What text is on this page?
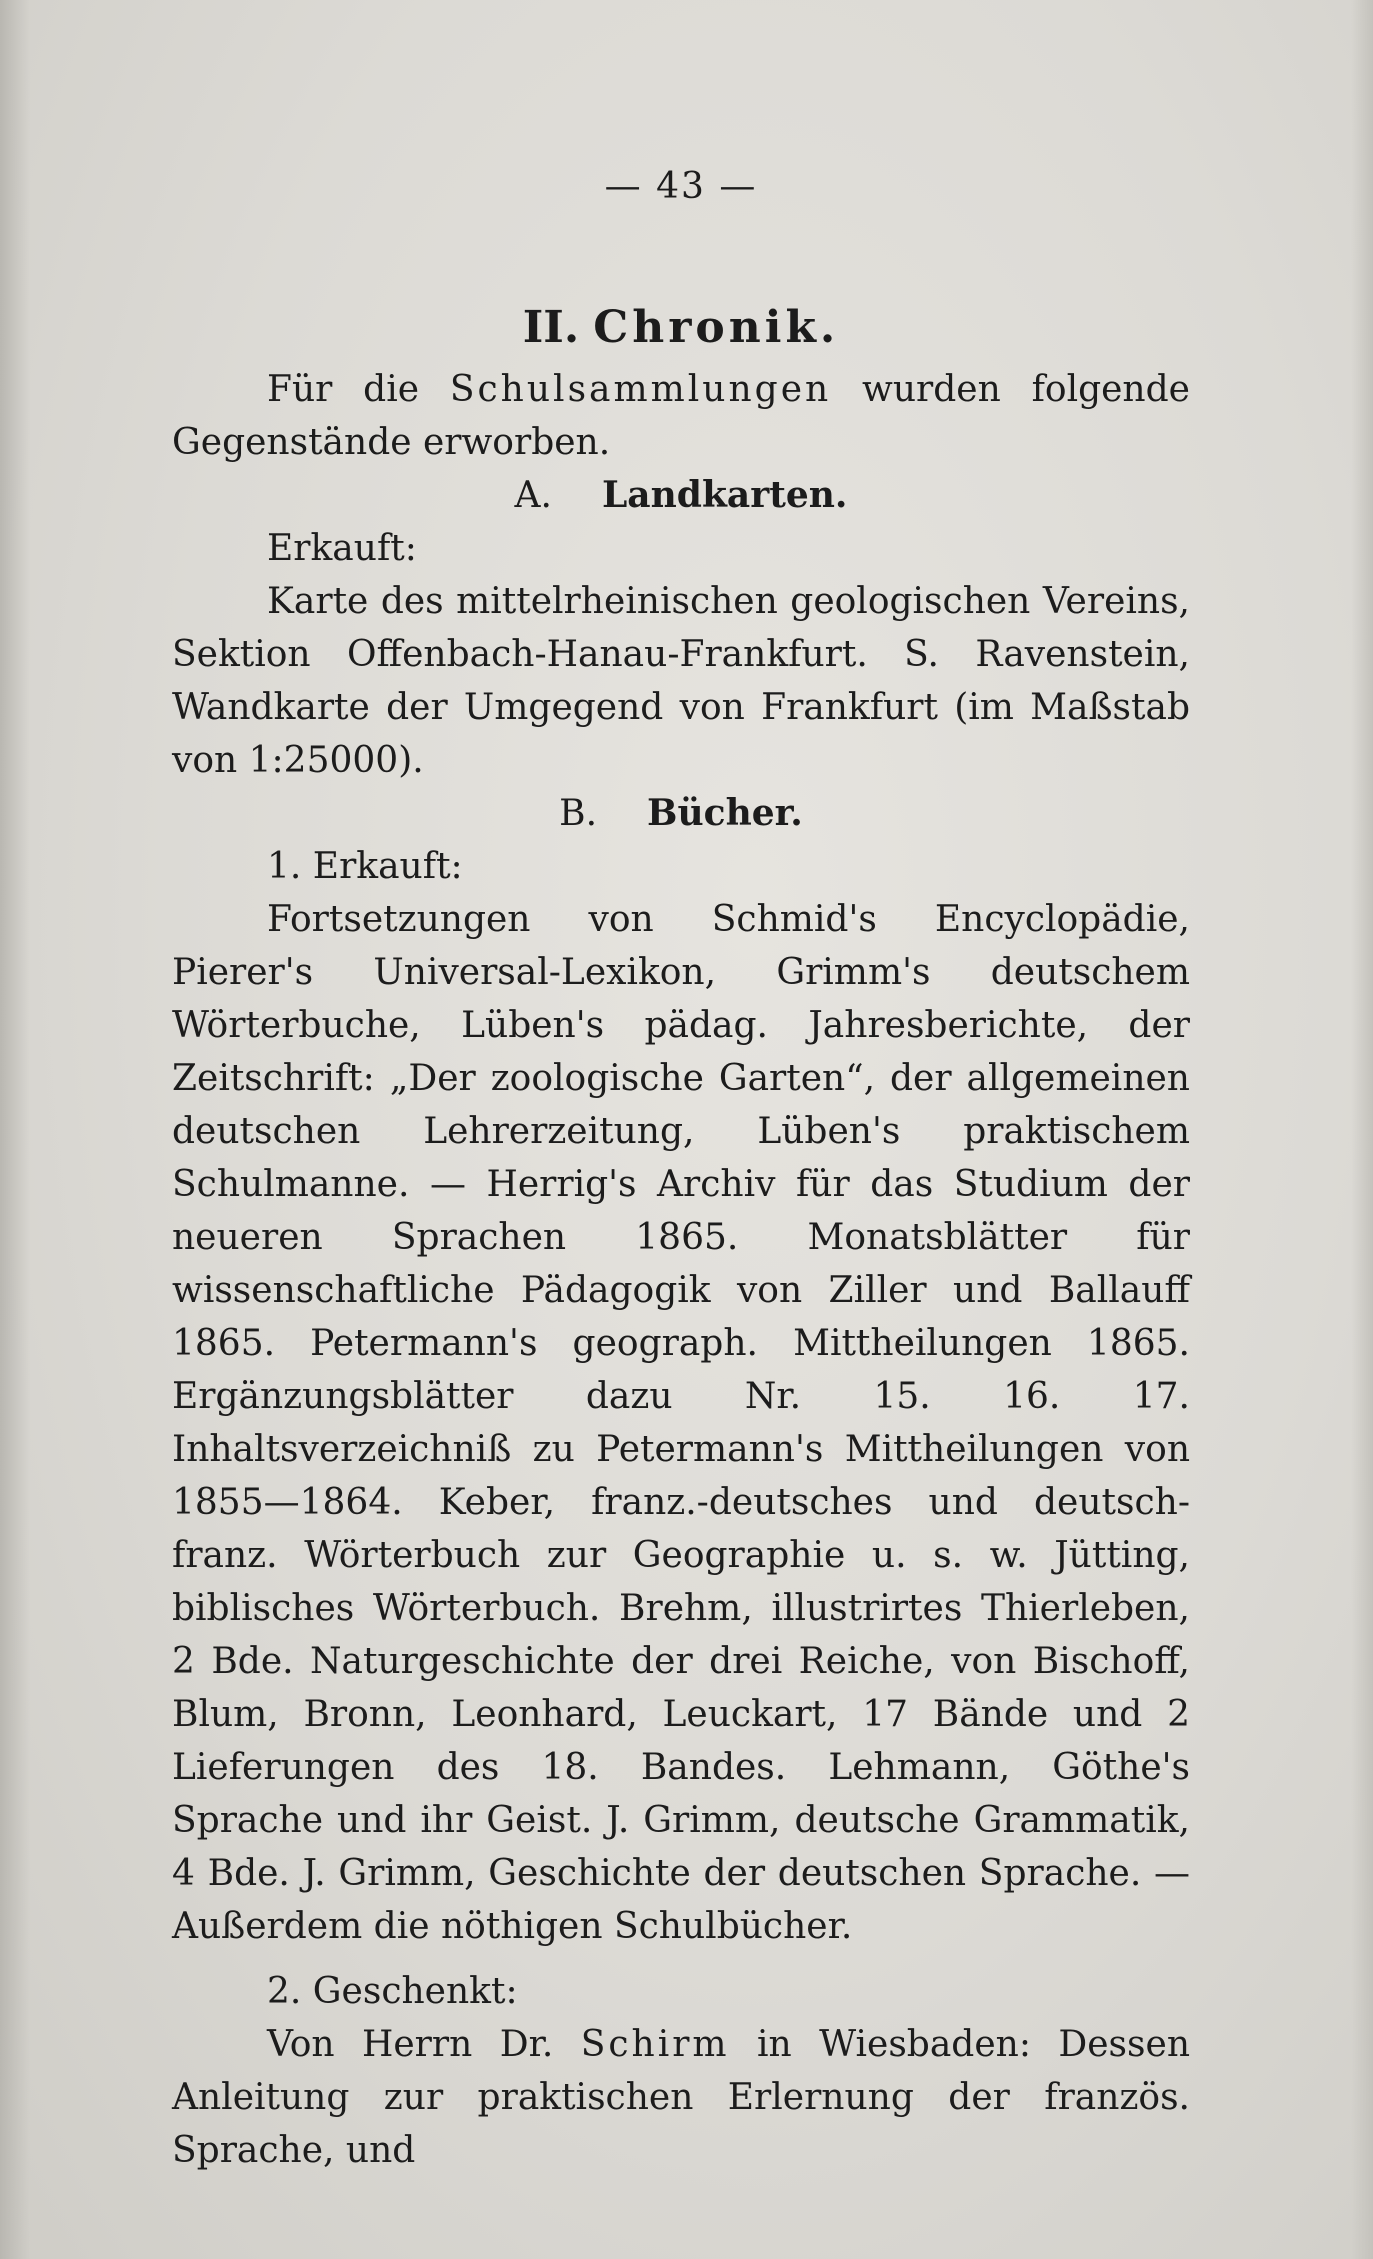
— 43 —
II. Chronik.

Für die Schulsammlungen wurden folgende Gegenstände erworben.

A. Landkarten.

Erkauft:

Karte des mittelrheinischen geologischen Vereins, Sektion Offenbach-Hanau-Frankfurt. S. Ravenstein, Wandkarte der Umgegend von Frankfurt (im Maßstab von 1:25000).

B. Bücher.

1. Erkauft:

Fortsetzungen von Schmid's Encyclopädie, Pierer's Universal-Lexikon, Grimm's deutschem Wörterbuche, Lüben's pädag. Jahresberichte, der Zeitschrift: „Der zoologische Garten“, der allgemeinen deutschen Lehrerzeitung, Lüben's praktischem Schulmanne. — Herrig's Archiv für das Studium der neueren Sprachen 1865. Monatsblätter für wissenschaftliche Pädagogik von Ziller und Ballauff 1865. Petermann's geograph. Mittheilungen 1865. Ergänzungsblätter dazu Nr. 15. 16. 17. Inhaltsverzeichniß zu Petermann's Mittheilungen von 1855—1864. Keber, franz.-deutsches und deutsch-franz. Wörterbuch zur Geographie u. s. w. Jütting, biblisches Wörterbuch. Brehm, illustrirtes Thierleben, 2 Bde. Naturgeschichte der drei Reiche, von Bischoff, Blum, Bronn, Leonhard, Leuckart, 17 Bände und 2 Lieferungen des 18. Bandes. Lehmann, Göthe's Sprache und ihr Geist. J. Grimm, deutsche Grammatik, 4 Bde. J. Grimm, Geschichte der deutschen Sprache. — Außerdem die nöthigen Schulbücher.

2. Geschenkt:

Von Herrn Dr. Schirm in Wiesbaden: Dessen Anleitung zur praktischen Erlernung der französ. Sprache, und
